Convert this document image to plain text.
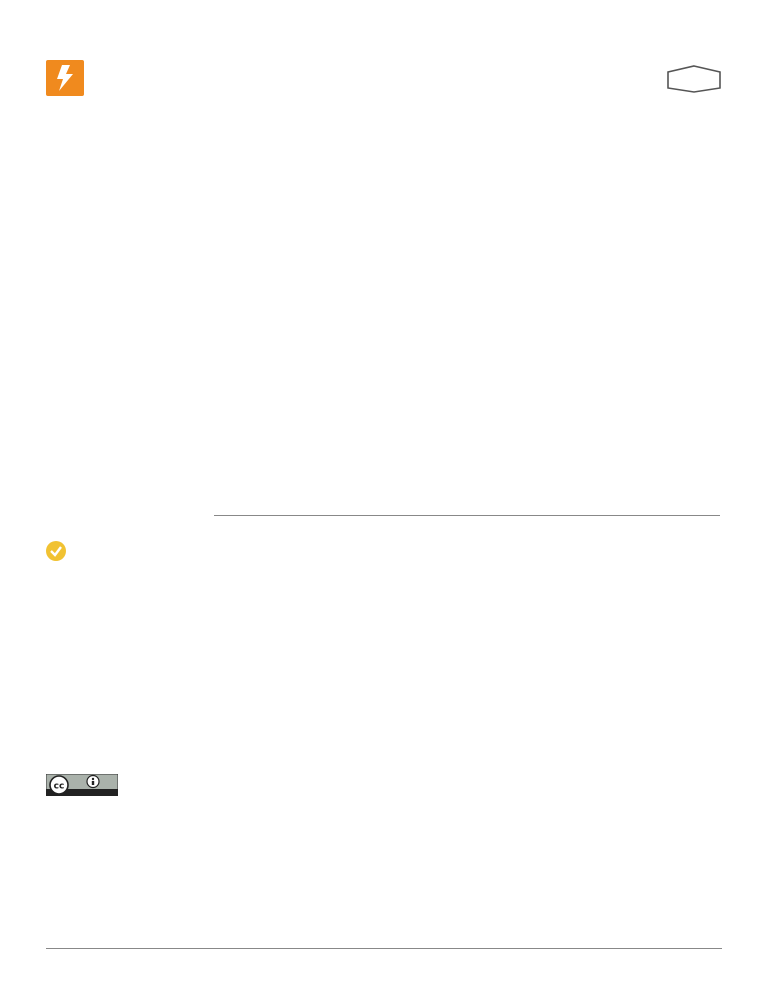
cc
